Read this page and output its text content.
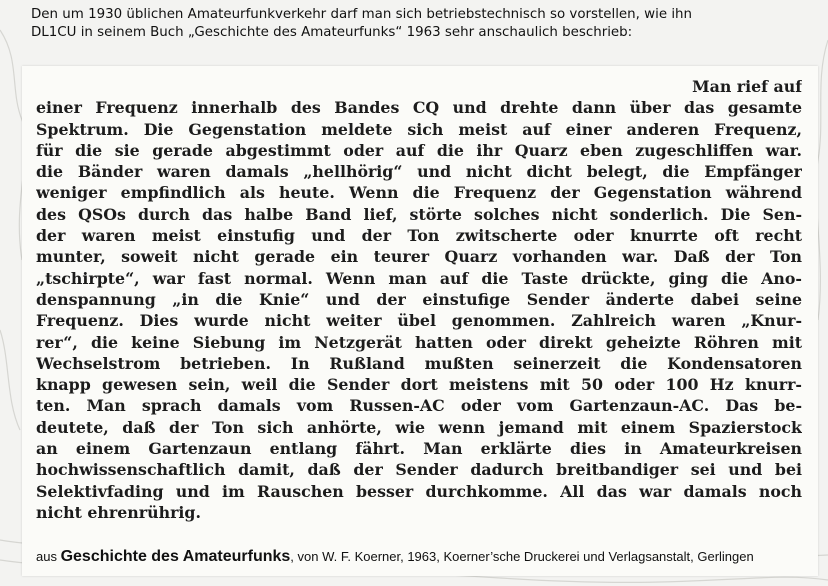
Den um 1930 üblichen Amateurfunkverkehr darf man sich betriebstechnisch so vorstellen, wie ihn
DL1CU in seinem Buch „Geschichte des Amateurfunks“ 1963 sehr anschaulich beschrieb:
Man rief auf
einer Frequenz innerhalb des Bandes CQ und drehte dann über das gesamte
Spektrum. Die Gegenstation meldete sich meist auf einer anderen Frequenz,
für die sie gerade abgestimmt oder auf die ihr Quarz eben zugeschliffen war.
die Bänder waren damals „hellhörig“ und nicht dicht belegt, die Empfänger
weniger empfindlich als heute. Wenn die Frequenz der Gegenstation während
des QSOs durch das halbe Band lief, störte solches nicht sonderlich. Die Sen-
der waren meist einstufig und der Ton zwitscherte oder knurrte oft recht
munter, soweit nicht gerade ein teurer Quarz vorhanden war. Daß der Ton
„tschirpte“, war fast normal. Wenn man auf die Taste drückte, ging die Ano-
denspannung „in die Knie“ und der einstufige Sender änderte dabei seine
Frequenz. Dies wurde nicht weiter übel genommen. Zahlreich waren „Knur-
rer“, die keine Siebung im Netzgerät hatten oder direkt geheizte Röhren mit
Wechselstrom betrieben. In Rußland mußten seinerzeit die Kondensatoren
knapp gewesen sein, weil die Sender dort meistens mit 50 oder 100 Hz knurr-
ten. Man sprach damals vom Russen-AC oder vom Gartenzaun-AC. Das be-
deutete, daß der Ton sich anhörte, wie wenn jemand mit einem Spazierstock
an einem Gartenzaun entlang fährt. Man erklärte dies in Amateurkreisen
hochwissenschaftlich damit, daß der Sender dadurch breitbandiger sei und bei
Selektivfading und im Rauschen besser durchkomme. All das war damals noch
nicht ehrenrührig.
aus Geschichte des Amateurfunks, von W. F. Koerner, 1963, Koerner’sche Druckerei und Verlagsanstalt, Gerlingen
